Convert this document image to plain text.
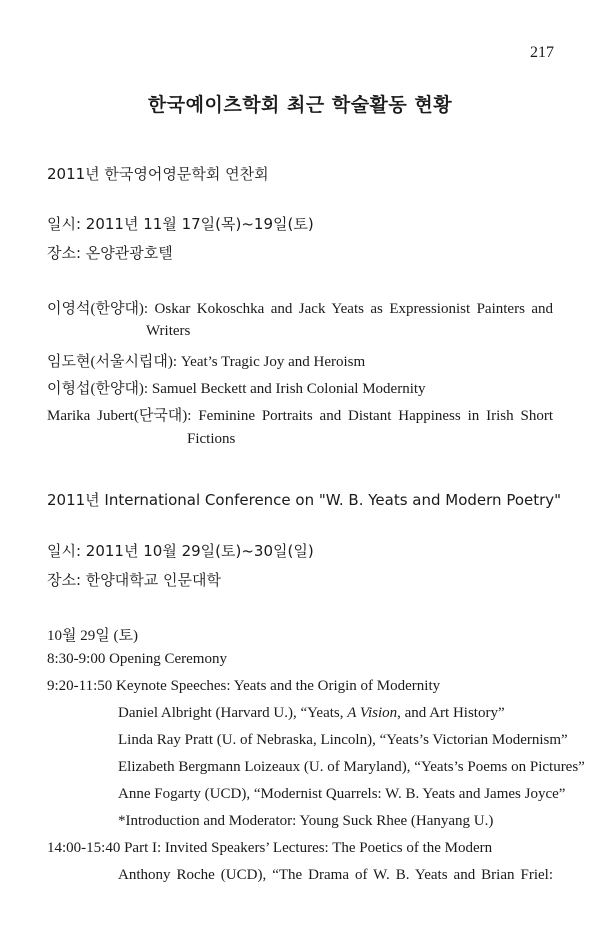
217
한국예이츠학회 최근 학술활동 현황
2011년 한국영어영문학회 연찬회
일시: 2011년 11월 17일(목)~19일(토)
장소: 온양관광호텔
이영석(한양대): Oskar Kokoschka and Jack Yeats as Expressionist Painters and
Writers
임도현(서울시립대): Yeat’s Tragic Joy and Heroism
이형섭(한양대): Samuel Beckett and Irish Colonial Modernity
Marika Jubert(단국대): Feminine Portraits and Distant Happiness in Irish Short
Fictions
2011년 International Conference on "W. B. Yeats and Modern Poetry"
일시: 2011년 10월 29일(토)~30일(일)
장소: 한양대학교 인문대학
10월 29일 (토)
8:30-9:00 Opening Ceremony
9:20-11:50 Keynote Speeches: Yeats and the Origin of Modernity
Daniel Albright (Harvard U.), “Yeats, A Vision, and Art History”
Linda Ray Pratt (U. of Nebraska, Lincoln), “Yeats’s Victorian Modernism”
Elizabeth Bergmann Loizeaux (U. of Maryland), “Yeats’s Poems on Pictures”
Anne Fogarty (UCD), “Modernist Quarrels: W. B. Yeats and James Joyce”
*Introduction and Moderator: Young Suck Rhee (Hanyang U.)
14:00-15:40 Part I: Invited Speakers’ Lectures: The Poetics of the Modern
Anthony Roche (UCD), “The Drama of W. B. Yeats and Brian Friel:
